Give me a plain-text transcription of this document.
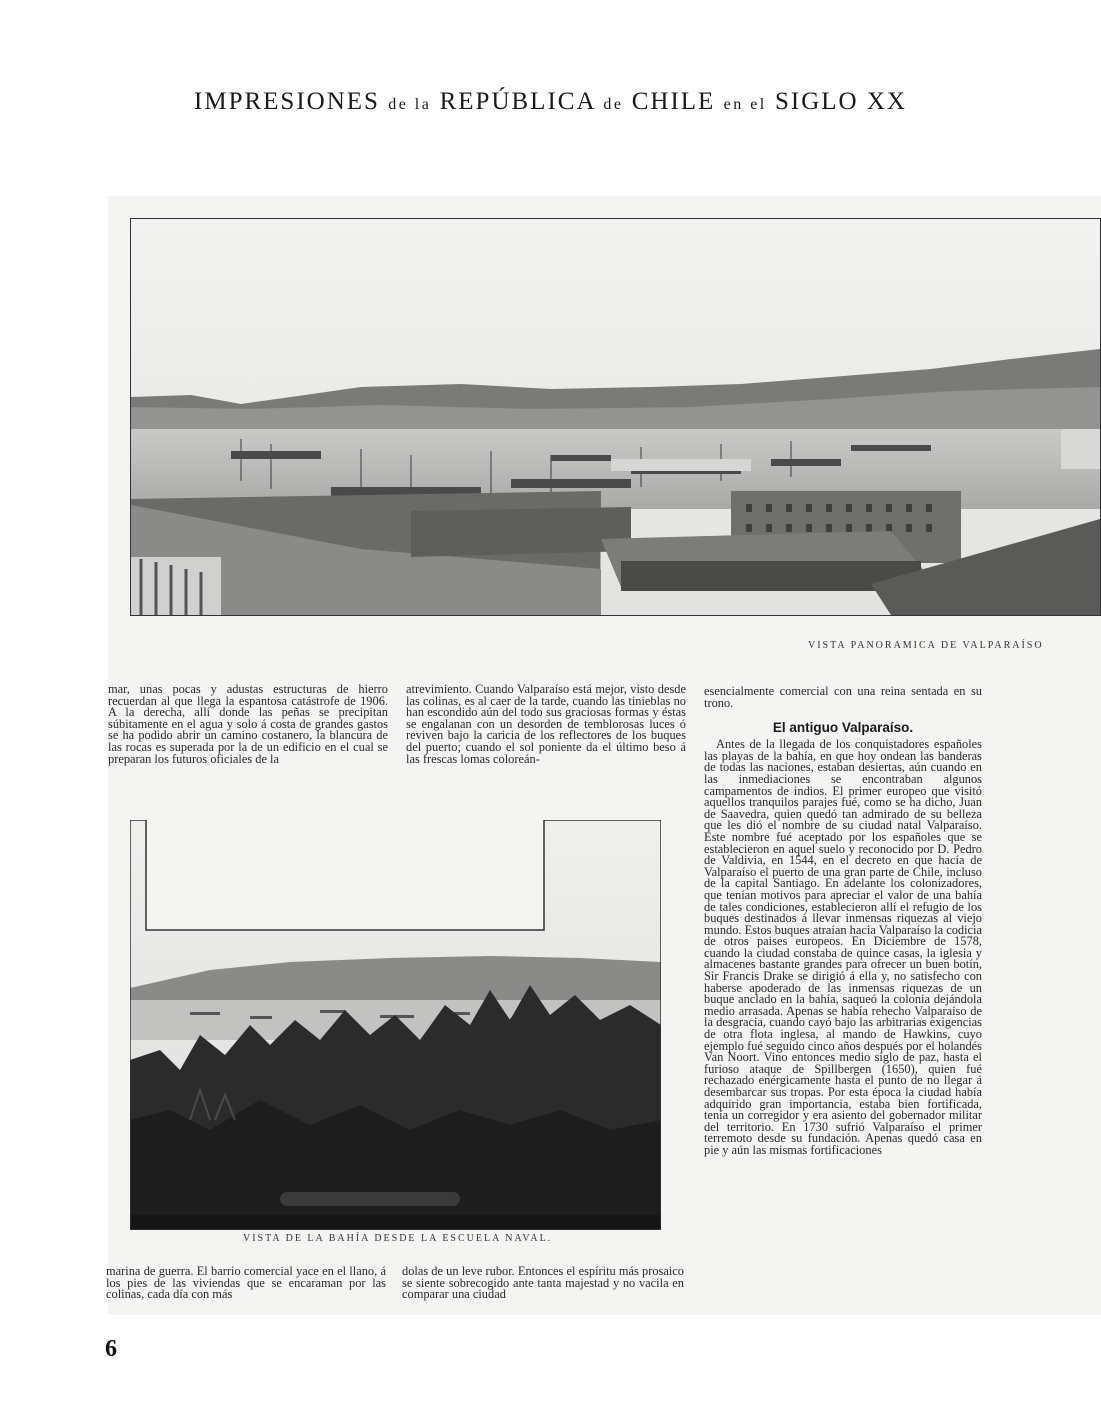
IMPRESIONES de la REPÚBLICA de CHILE en el SIGLO XX
VISTA PANORAMICA DE VALPARAÍSO

mar, unas pocas y adustas estructuras de hierro recuerdan al que llega la espantosa catástrofe de 1906. A la derecha, allí donde las peñas se precipitan súbitamente en el agua y solo á costa de grandes gastos se ha podido abrir un camino costanero, la blancura de las rocas es superada por la de un edificio en el cual se preparan los futuros oficiales de la

atrevimiento. Cuando Valparaíso está mejor, visto desde las colinas, es al caer de la tarde, cuando las tinieblas no han escondido aún del todo sus graciosas formas y éstas se engalanan con un desorden de temblorosas luces ó reviven bajo la caricia de los reflectores de los buques del puerto; cuando el sol poniente da el último beso á las frescas lomas coloreán-

VISTA DE LA BAHÍA DESDE LA ESCUELA NAVAL.

esencialmente comercial con una reina sentada en su trono.

El antiguo Valparaíso.

Antes de la llegada de los conquistadores españoles las playas de la bahía, en que hoy ondean las banderas de todas las naciones, estaban desiertas, aún cuando en las inmediaciones se encontraban algunos campamentos de indios. El primer europeo que visitó aquellos tranquilos parajes fué, como se ha dicho, Juan de Saavedra, quien quedó tan admirado de su belleza que les dió el nombre de su ciudad natal Valparaíso. Este nombre fué aceptado por los españoles que se establecieron en aquel suelo y reconocido por D. Pedro de Valdivia, en 1544, en el decreto en que hacía de Valparaíso el puerto de una gran parte de Chile, incluso de la capital Santiago. En adelante los colonizadores, que tenían motivos para apreciar el valor de una bahía de tales condiciones, establecieron allí el refugio de los buques destinados á llevar inmensas riquezas al viejo mundo. Estos buques atraían hacia Valparaíso la codicia de otros paises europeos. En Diciembre de 1578, cuando la ciudad constaba de quince casas, la iglesia y almacenes bastante grandes para ofrecer un buen botín, Sir Francis Drake se dirigió á ella y, no satisfecho con haberse apoderado de las inmensas riquezas de un buque anclado en la bahía, saqueó la colonia dejándola medio arrasada. Apenas se había rehecho Valparaíso de la desgracia, cuando cayó bajo las arbitrarias exigencias de otra flota inglesa, al mando de Hawkins, cuyo ejemplo fué seguido cinco años después por el holandés Van Noort. Vino entonces medio siglo de paz, hasta el furioso ataque de Spillbergen (1650), quien fué rechazado enérgicamente hasta el punto de no llegar á desembarcar sus tropas. Por esta época la ciudad había adquirido gran importancia, estaba bien fortificada, tenía un corregidor y era asiento del gobernador militar del territorio. En 1730 sufrió Valparaíso el primer terremoto desde su fundación. Apenas quedó casa en pie y aún las mismas fortificaciones

marina de guerra. El barrio comercial yace en el llano, á los pies de las viviendas que se encaraman por las colinas, cada día con más

dolas de un leve rubor. Entonces el espíritu más prosaico se siente sobrecogido ante tanta majestad y no vacila en comparar una ciudad

6
